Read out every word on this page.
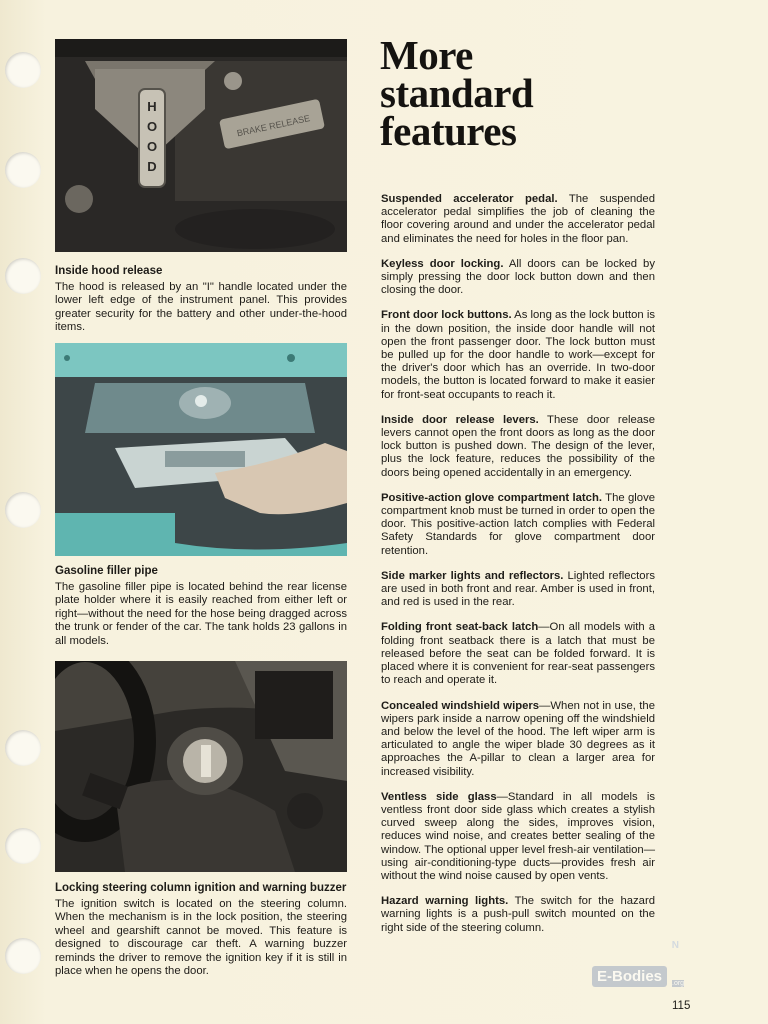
H
O
O
D
BRAKE RELEASE
Inside hood release
The hood is released by an "I" handle located under the lower left edge of the instrument panel. This provides greater security for the battery and other under-the-hood items.
Gasoline filler pipe
The gasoline filler pipe is located behind the rear license plate holder where it is easily reached from either left or right—without the need for the hose being dragged across the trunk or fender of the car. The tank holds 23 gallons in all models.
Locking steering column ignition and warning buzzer
The ignition switch is located on the steering column. When the mechanism is in the lock position, the steering wheel and gearshift cannot be moved. This feature is designed to discourage car theft. A warning buzzer reminds the driver to remove the ignition key if it is still in place when he opens the door.
More
standard
features
Suspended accelerator pedal. The suspended accelerator pedal simplifies the job of cleaning the floor covering around and under the accelerator pedal and eliminates the need for holes in the floor pan.
Keyless door locking. All doors can be locked by simply pressing the door lock button down and then closing the door.
Front door lock buttons. As long as the lock button is in the down position, the inside door handle will not open the front passenger door. The lock button must be pulled up for the door handle to work—except for the driver's door which has an override. In two-door models, the button is located forward to make it easier for front-seat occupants to reach it.
Inside door release levers. These door release levers cannot open the front doors as long as the door lock button is pushed down. The design of the lever, plus the lock feature, reduces the possibility of the doors being opened accidentally in an emergency.
Positive-action glove compartment latch. The glove compartment knob must be turned in order to open the door. This positive-action latch complies with Federal Safety Standards for glove compartment door retention.
Side marker lights and reflectors. Lighted reflectors are used in both front and rear. Amber is used in front, and red is used in the rear.
Folding front seat-back latch—On all models with a folding front seatback there is a latch that must be released before the seat can be folded forward. It is placed where it is convenient for rear-seat passengers to reach and operate it.
Concealed windshield wipers—When not in use, the wipers park inside a narrow opening off the windshield and below the level of the hood. The left wiper arm is articulated to angle the wiper blade 30 degrees as it approaches the A-pillar to clean a larger area for increased visibility.
Ventless side glass—Standard in all models is ventless front door side glass which creates a stylish curved sweep along the sides, improves vision, reduces wind noise, and creates better sealing of the window. The optional upper level fresh-air ventilation—using air-conditioning-type ducts—provides fresh air without the wind noise caused by open vents.
Hazard warning lights. The switch for the hazard warning lights is a push-pull switch mounted on the right side of the steering column.
N
E-Bodies	.org
115
